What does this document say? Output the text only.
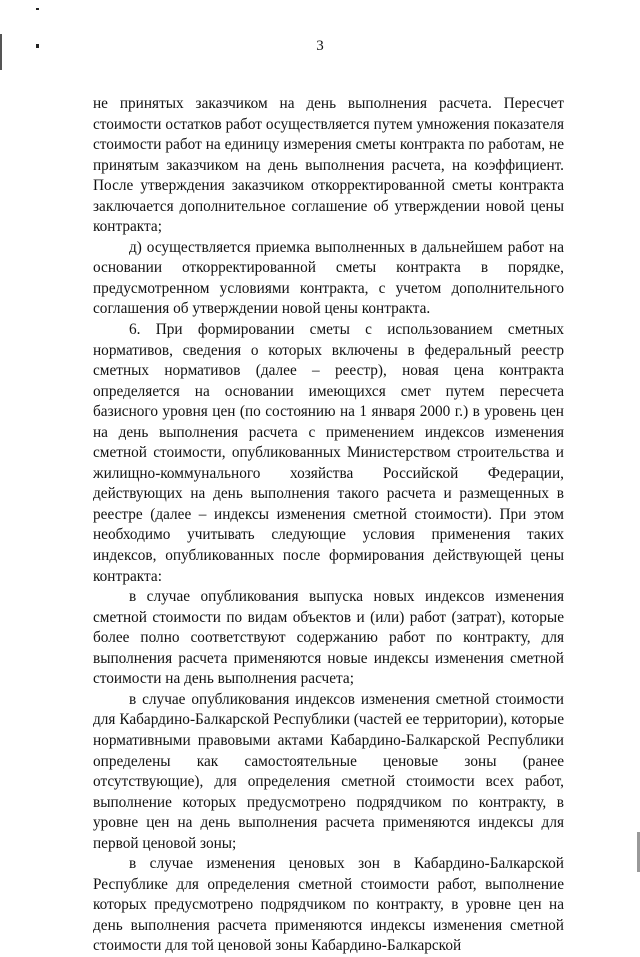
3

не принятых заказчиком на день выполнения расчета. Пересчет стоимости остатков работ осуществляется путем умножения показателя стоимости работ на единицу измерения сметы контракта по работам, не принятым заказчиком на день выполнения расчета, на коэффициент. После утверждения заказчиком откорректированной сметы контракта заключается дополнительное соглашение об утверждении новой цены контракта;

д) осуществляется приемка выполненных в дальнейшем работ на основании откорректированной сметы контракта в порядке, предусмотренном условиями контракта, с учетом дополнительного соглашения об утверждении новой цены контракта.

6. При формировании сметы с использованием сметных нормативов, сведения о которых включены в федеральный реестр сметных нормативов (далее – реестр), новая цена контракта определяется на основании имеющихся смет путем пересчета базисного уровня цен (по состоянию на 1 января 2000 г.) в уровень цен на день выполнения расчета с применением индексов изменения сметной стоимости, опубликованных Министерством строительства и жилищно-коммунального хозяйства Российской Федерации, действующих на день выполнения такого расчета и размещенных в реестре (далее – индексы изменения сметной стоимости). При этом необходимо учитывать следующие условия применения таких индексов, опубликованных после формирования действующей цены контракта:

в случае опубликования выпуска новых индексов изменения сметной стоимости по видам объектов и (или) работ (затрат), которые более полно соответствуют содержанию работ по контракту, для выполнения расчета применяются новые индексы изменения сметной стоимости на день выполнения расчета;

в случае опубликования индексов изменения сметной стоимости для Кабардино-Балкарской Республики (частей ее территории), которые нормативными правовыми актами Кабардино-Балкарской Республики определены как самостоятельные ценовые зоны (ранее отсутствующие), для определения сметной стоимости всех работ, выполнение которых предусмотрено подрядчиком по контракту, в уровне цен на день выполнения расчета применяются индексы для первой ценовой зоны;

в случае изменения ценовых зон в Кабардино-Балкарской Республике для определения сметной стоимости работ, выполнение которых предусмотрено подрядчиком по контракту, в уровне цен на день выполнения расчета применяются индексы изменения сметной стоимости для той ценовой зоны Кабардино-Балкарской
